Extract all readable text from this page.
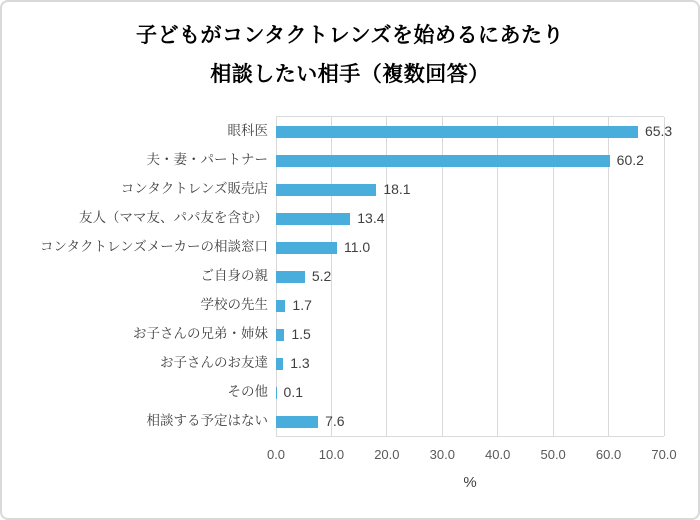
子どもがコンタクトレンズを始めるにあたり
相談したい相手（複数回答）
眼科医
夫・妻・パートナー
コンタクトレンズ販売店
友人（ママ友、パパ友を含む）
コンタクトレンズメーカーの相談窓口
ご自身の親
学校の先生
お子さんの兄弟・姉妹
お子さんのお友達
その他
相談する予定はない
65.3
60.2
18.1
13.4
11.0
5.2
1.7
1.5
1.3
0.1
7.6
0.0	10.0 20.0 30.0 40.0 50.0 60.0 70.0
%
